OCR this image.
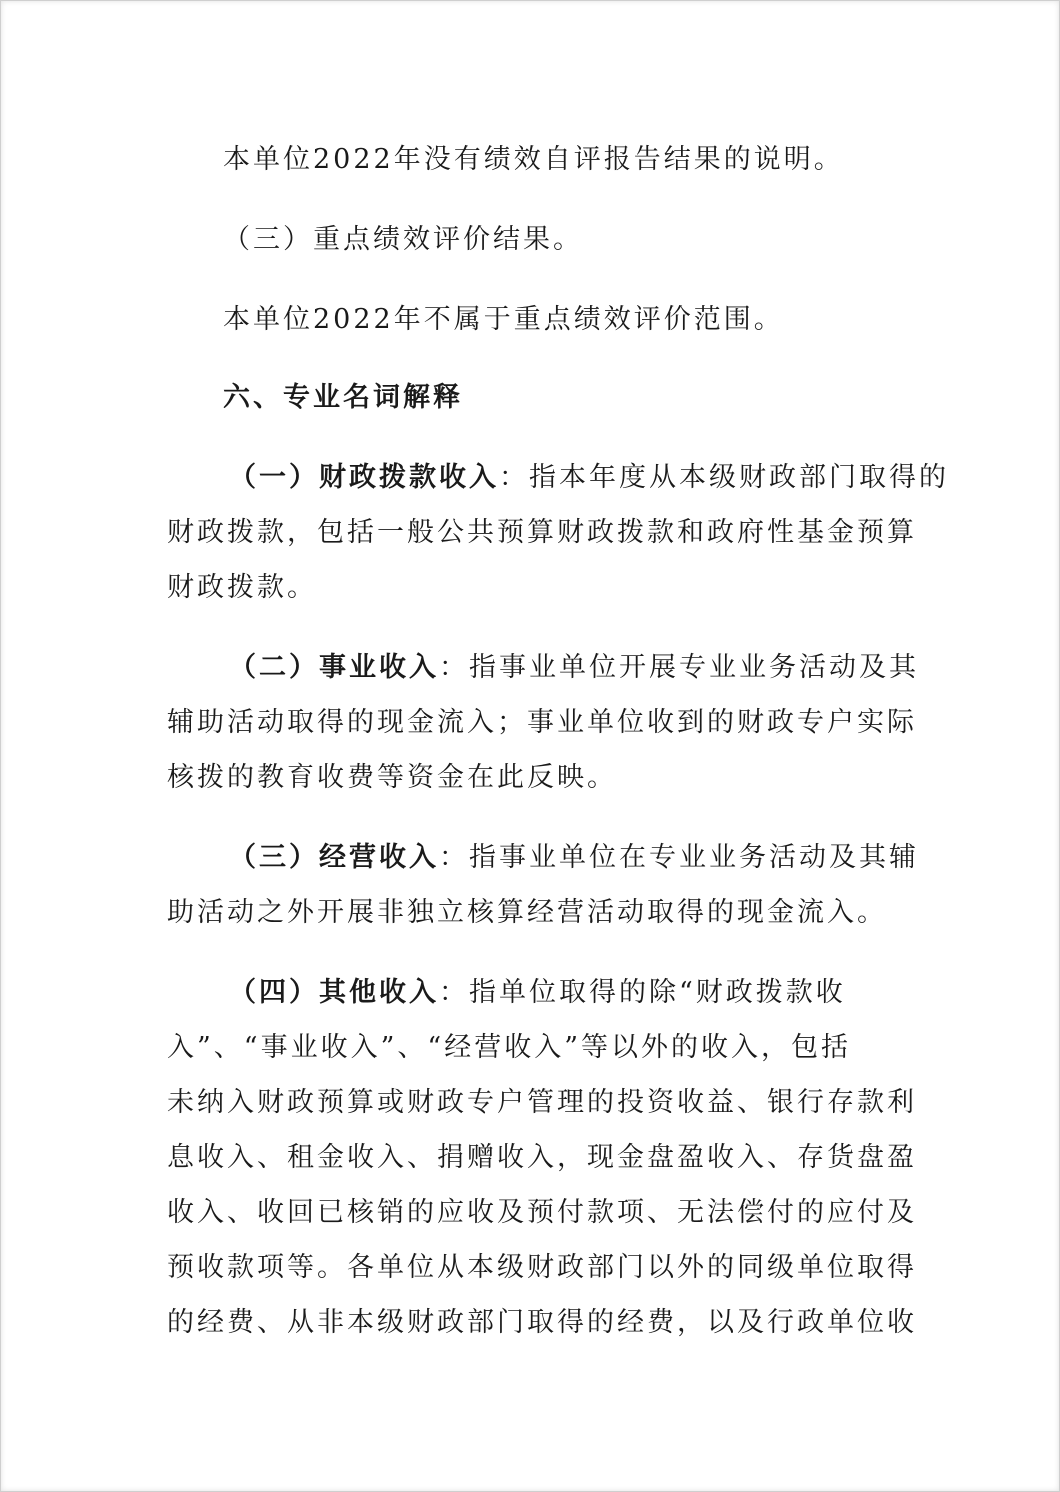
本单位2022年没有绩效自评报告结果的说明。
（三）重点绩效评价结果。
本单位2022年不属于重点绩效评价范围。
六、专业名词解释
（一）财政拨款收入：指本年度从本级财政部门取得的
财政拨款，包括一般公共预算财政拨款和政府性基金预算
财政拨款。
（二）事业收入：指事业单位开展专业业务活动及其
辅助活动取得的现金流入；事业单位收到的财政专户实际
核拨的教育收费等资金在此反映。
（三）经营收入：指事业单位在专业业务活动及其辅
助活动之外开展非独立核算经营活动取得的现金流入。
（四）其他收入：指单位取得的除“财政拨款收
入”、“事业收入”、“经营收入”等以外的收入，包括
未纳入财政预算或财政专户管理的投资收益、银行存款利
息收入、租金收入、捐赠收入，现金盘盈收入、存货盘盈
收入、收回已核销的应收及预付款项、无法偿付的应付及
预收款项等。各单位从本级财政部门以外的同级单位取得
的经费、从非本级财政部门取得的经费，以及行政单位收
